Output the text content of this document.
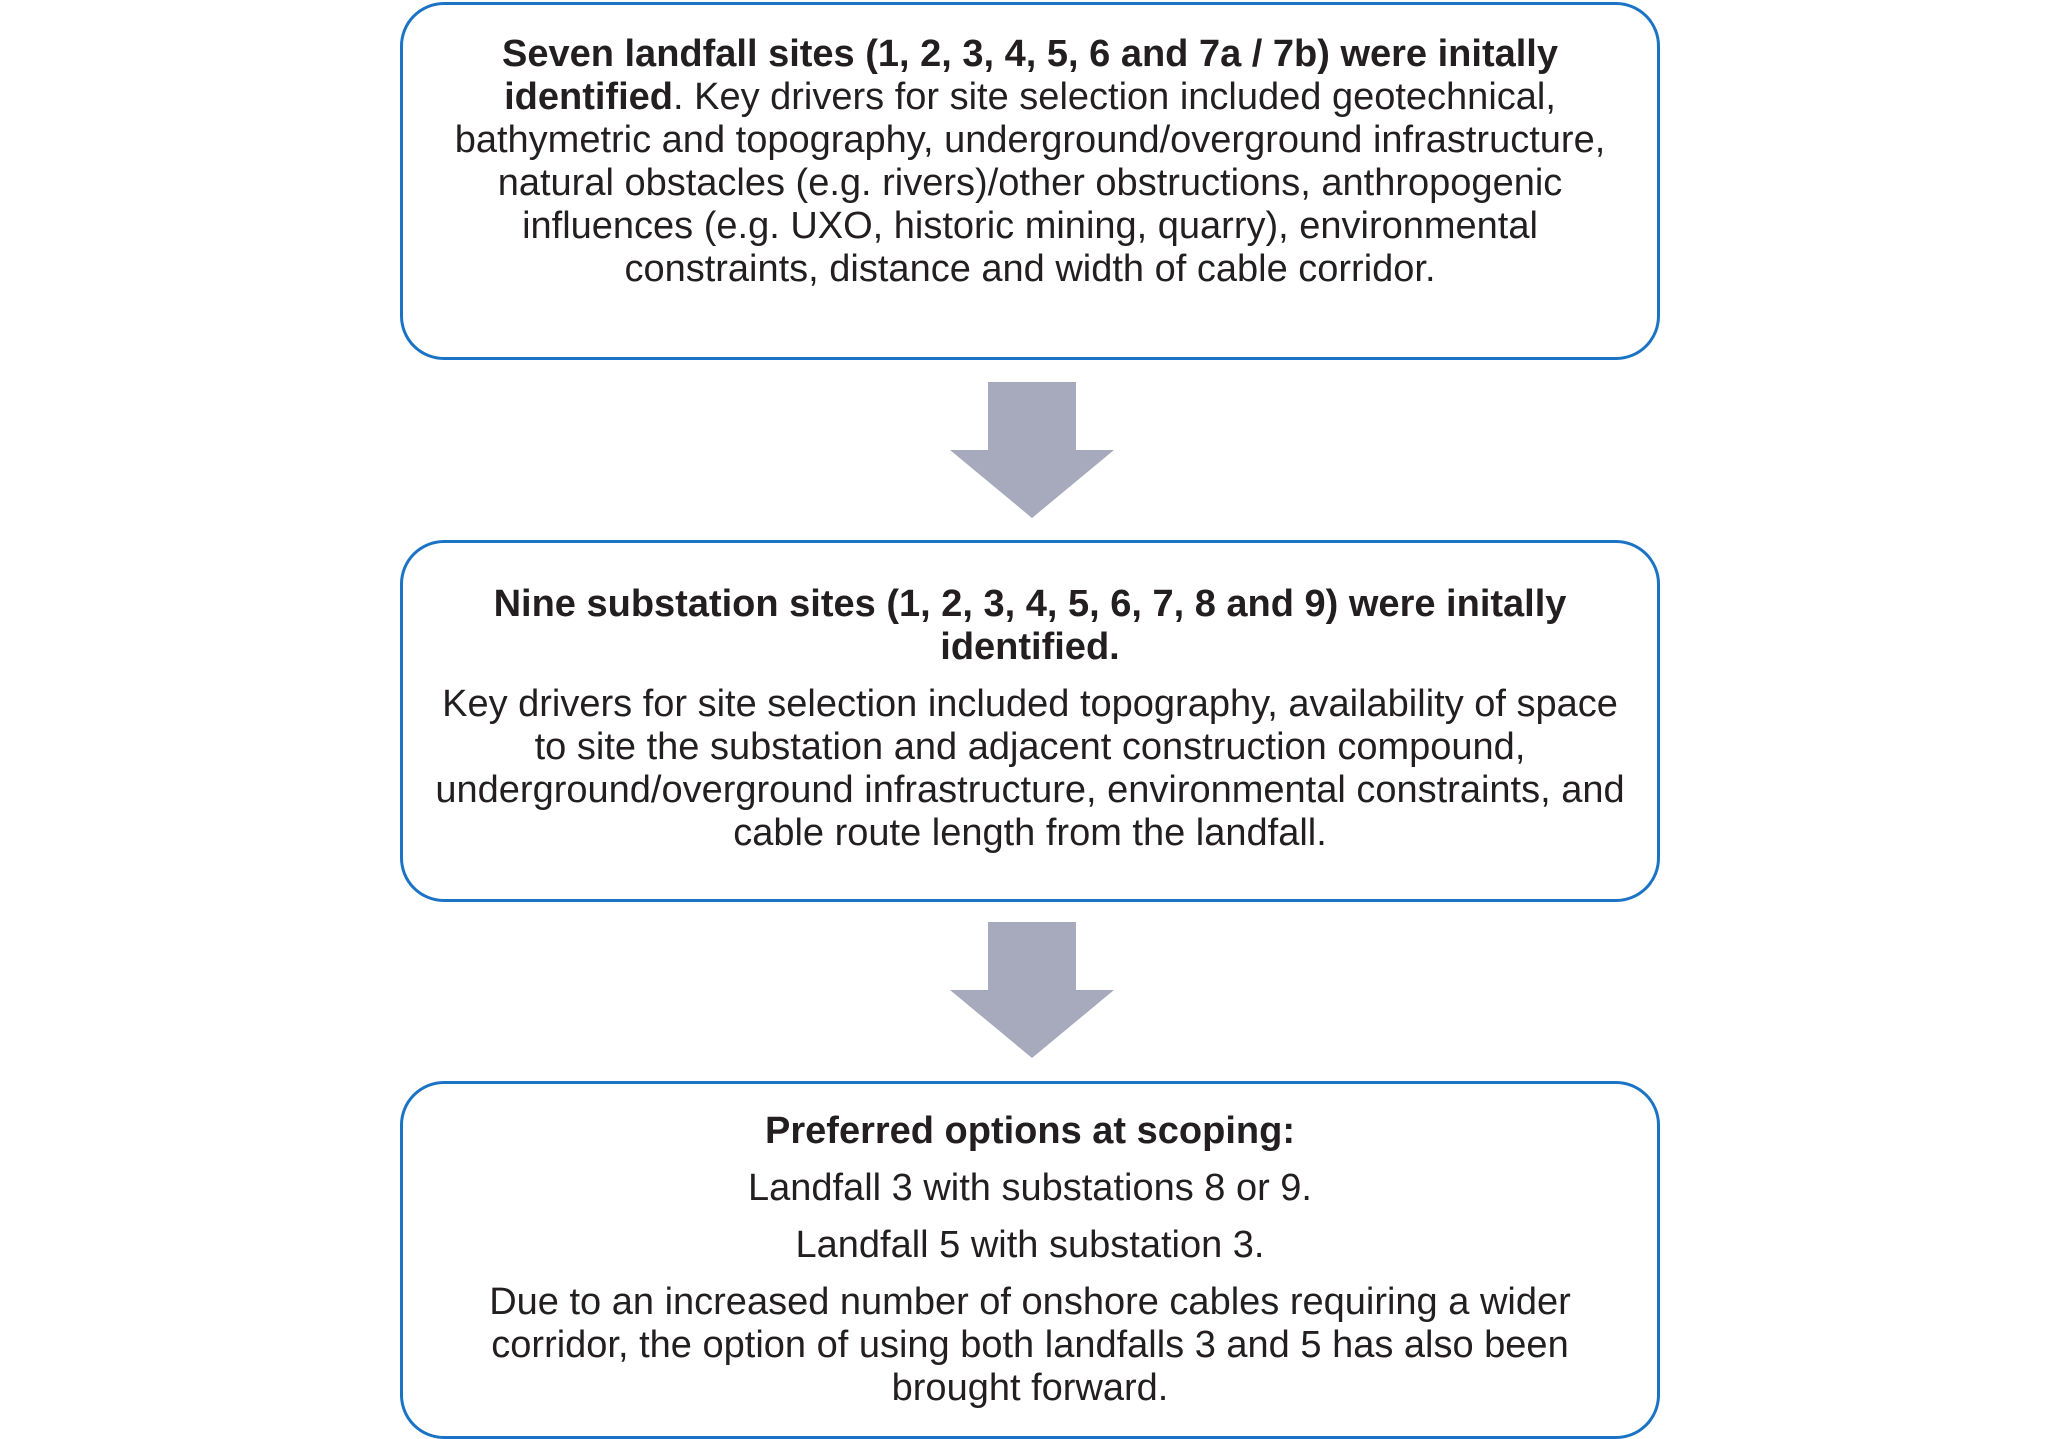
Seven landfall sites (1, 2, 3, 4, 5, 6 and 7a / 7b) were initally identified. Key drivers for site selection included geotechnical, bathymetric and topography, underground/overground infrastructure, natural obstacles (e.g. rivers)/other obstructions, anthropogenic influences (e.g. UXO, historic mining, quarry), environmental constraints, distance and width of cable corridor.

Nine substation sites (1, 2, 3, 4, 5, 6, 7, 8 and 9) were initally identified.

Key drivers for site selection included topography, availability of space to site the substation and adjacent construction compound, underground/overground infrastructure, environmental constraints, and cable route length from the landfall.

Preferred options at scoping:

Landfall 3 with substations 8 or 9.

Landfall 5 with substation 3.

Due to an increased number of onshore cables requiring a wider corridor, the option of using both landfalls 3 and 5 has also been brought forward.
